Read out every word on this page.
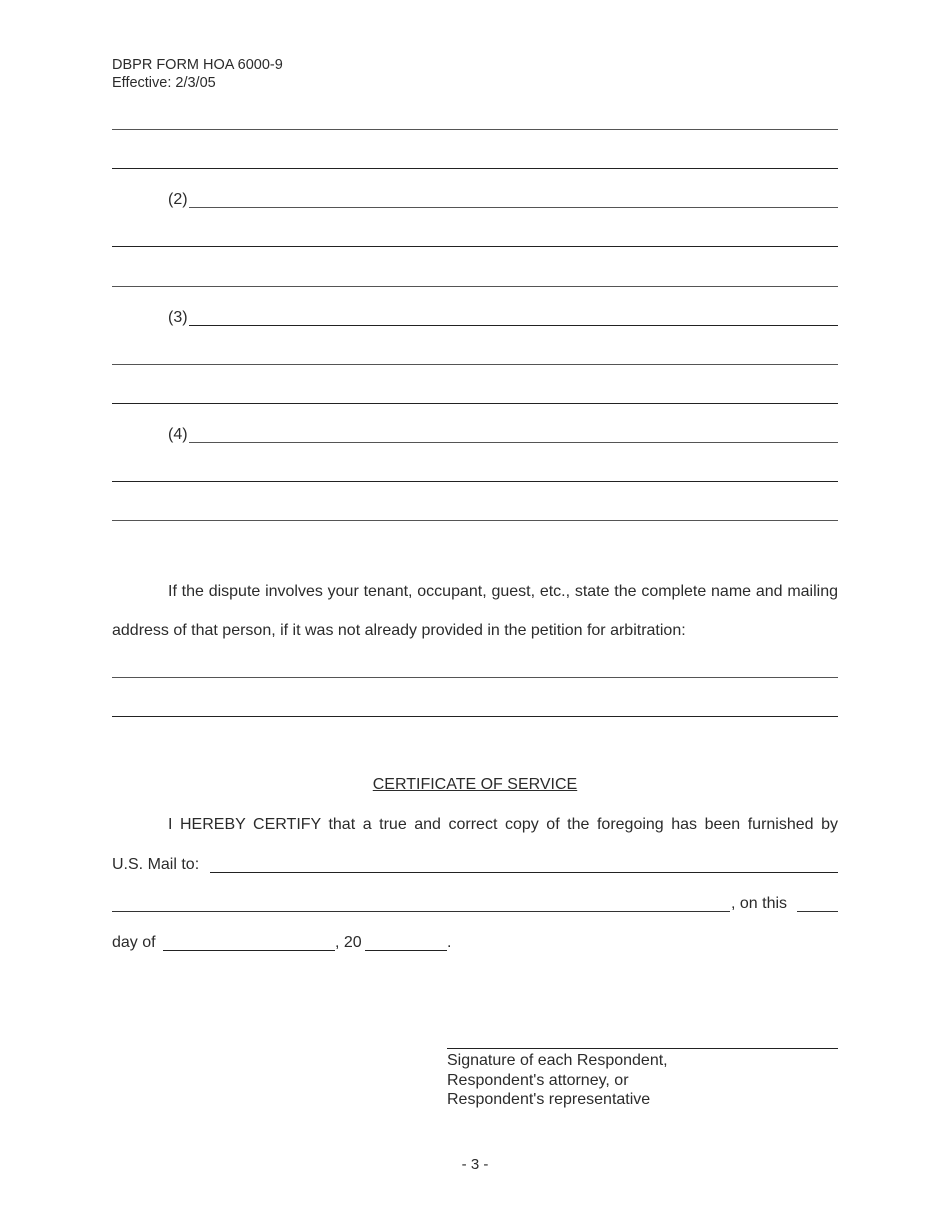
DBPR FORM HOA 6000-9
Effective: 2/3/05
(2)
(3)
(4)
If the dispute involves your tenant, occupant, guest, etc., state the complete name and mailing address of that person, if it was not already provided in the petition for arbitration:
CERTIFICATE OF SERVICE
I HEREBY CERTIFY that a true and correct copy of the foregoing has been furnished by
U.S. Mail to:
, on this
day of	, 20	.
Signature of each Respondent,
Respondent's attorney, or
Respondent's representative
- 3 -
